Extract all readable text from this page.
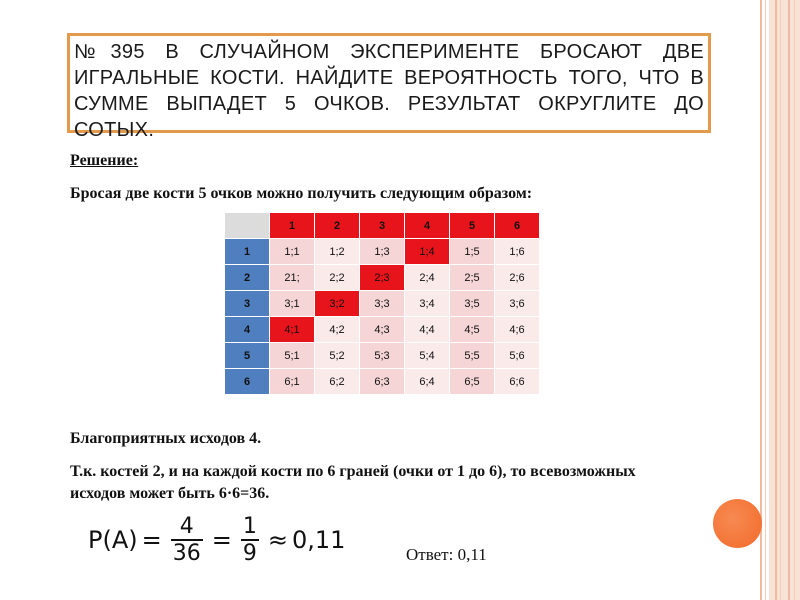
№395 В СЛУЧАЙНОМ ЭКСПЕРИМЕНТЕ БРОСАЮТ ДВЕ ИГРАЛЬНЫЕ КОСТИ. НАЙДИТЕ ВЕРОЯТНОСТЬ ТОГО, ЧТО В СУММЕ ВЫПАДЕТ 5 ОЧКОВ. РЕЗУЛЬТАТ ОКРУГЛИТЕ ДО СОТЫХ.
Решение:
Бросая две кости 5 очков можно получить следующим образом:
	1	2	3	4	5	6
1	1;1	1;2	1;3	1;4	1;5	1;6
2	21;	2;2	2;3	2;4	2;5	2;6
3	3;1	3;2	3;3	3;4	3;5	3;6
4	4;1	4;2	4;3	4;4	4;5	4;6
5	5;1	5;2	5;3	5;4	5;5	5;6
6	6;1	6;2	6;3	6;4	6;5	6;6
Благоприятных исходов 4.
Т.к. костей 2, и на каждой кости по 6 граней (очки от 1 до 6), то всевозможных исходов может быть 6·6=36.
$P(A) = \frac{4}{36} = \frac{1}{9} \approx 0,11$
Ответ: 0,11
